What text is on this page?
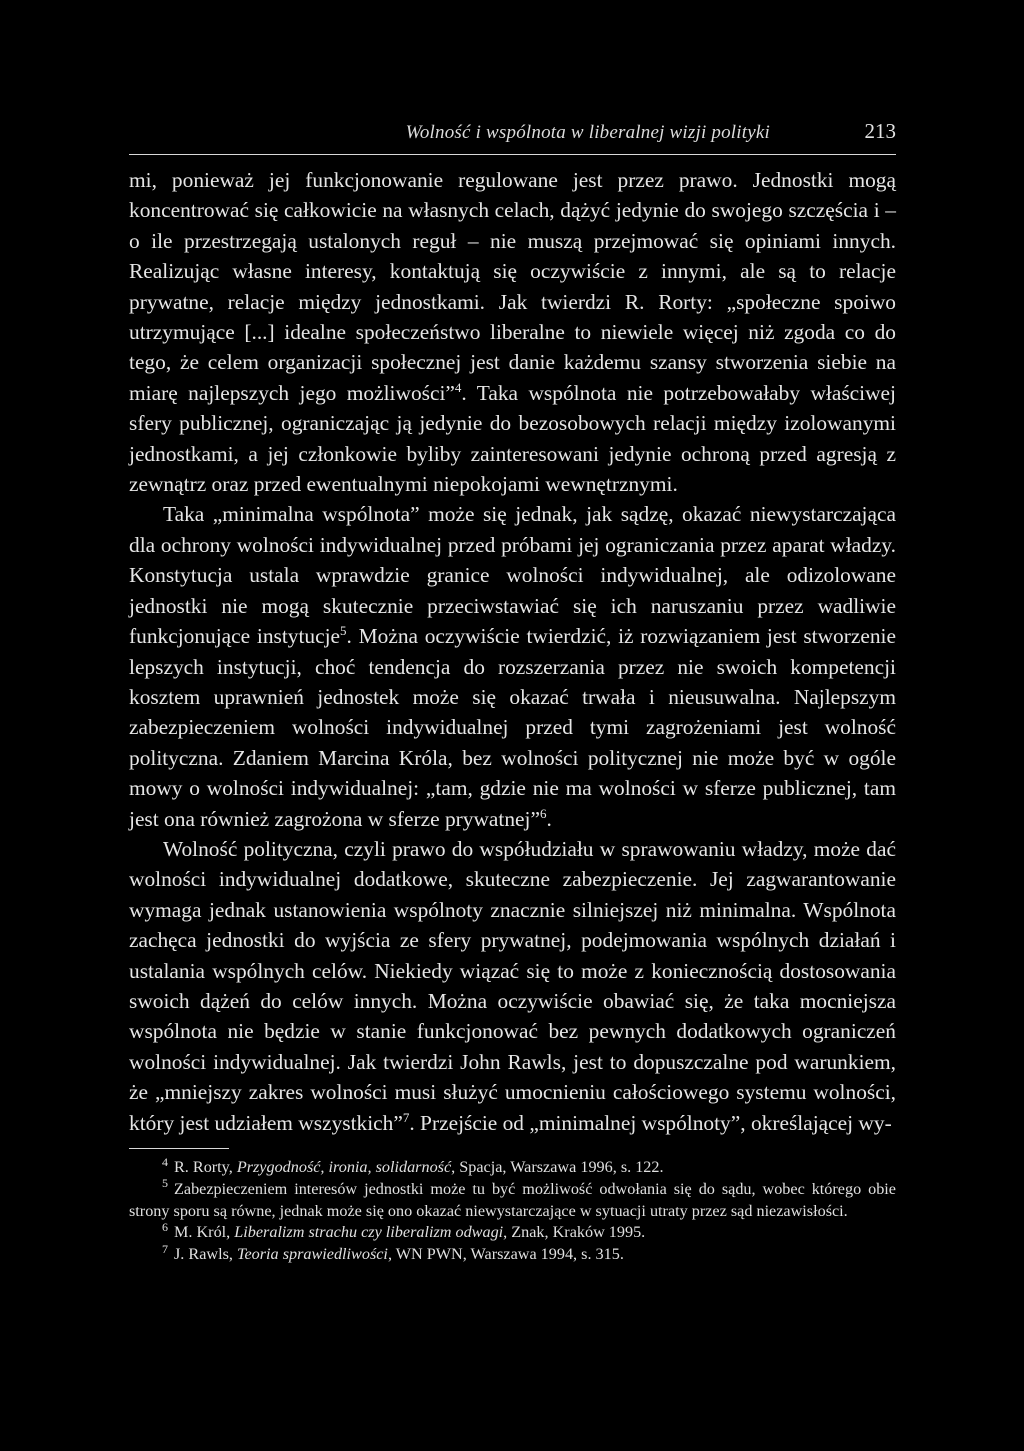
Wolność i wspólnota w liberalnej wizji polityki	213

mi, ponieważ jej funkcjonowanie regulowane jest przez prawo. Jednostki mogą koncentrować się całkowicie na własnych celach, dążyć jedynie do swojego szczęścia i – o ile przestrzegają ustalonych reguł – nie muszą przejmować się opiniami innych. Realizując własne interesy, kontaktują się oczywiście z innymi, ale są to relacje prywatne, relacje między jednostkami. Jak twierdzi R. Rorty: „społeczne spoiwo utrzymujące [...] idealne społeczeństwo liberalne to niewiele więcej niż zgoda co do tego, że celem organizacji społecznej jest danie każdemu szansy stworzenia siebie na miarę najlepszych jego możliwości”$^4$. Taka wspólnota nie potrzebowałaby właściwej sfery publicznej, ograniczając ją jedynie do bezosobowych relacji między izolowanymi jednostkami, a jej członkowie byliby zainteresowani jedynie ochroną przed agresją z zewnątrz oraz przed ewentualnymi niepokojami wewnętrznymi.

Taka „minimalna wspólnota” może się jednak, jak sądzę, okazać niewystarczająca dla ochrony wolności indywidualnej przed próbami jej ograniczania przez aparat władzy. Konstytucja ustala wprawdzie granice wolności indywidualnej, ale odizolowane jednostki nie mogą skutecznie przeciwstawiać się ich naruszaniu przez wadliwie funkcjonujące instytucje$^5$. Można oczywiście twierdzić, iż rozwiązaniem jest stworzenie lepszych instytucji, choć tendencja do rozszerzania przez nie swoich kompetencji kosztem uprawnień jednostek może się okazać trwała i nieusuwalna. Najlepszym zabezpieczeniem wolności indywidualnej przed tymi zagrożeniami jest wolność polityczna. Zdaniem Marcina Króla, bez wolności politycznej nie może być w ogóle mowy o wolności indywidualnej: „tam, gdzie nie ma wolności w sferze publicznej, tam jest ona również zagrożona w sferze prywatnej”$^6$.

Wolność polityczna, czyli prawo do współudziału w sprawowaniu władzy, może dać wolności indywidualnej dodatkowe, skuteczne zabezpieczenie. Jej zagwarantowanie wymaga jednak ustanowienia wspólnoty znacznie silniejszej niż minimalna. Wspólnota zachęca jednostki do wyjścia ze sfery prywatnej, podejmowania wspólnych działań i ustalania wspólnych celów. Niekiedy wiązać się to może z koniecznością dostosowania swoich dążeń do celów innych. Można oczywiście obawiać się, że taka mocniejsza wspólnota nie będzie w stanie funkcjonować bez pewnych dodatkowych ograniczeń wolności indywidualnej. Jak twierdzi John Rawls, jest to dopuszczalne pod warunkiem, że „mniejszy zakres wolności musi służyć umocnieniu całościowego systemu wolności, który jest udziałem wszystkich”$^7$. Przejście od „minimalnej wspólnoty”, określającej wy-

$^4$ R. Rorty, Przygodność, ironia, solidarność, Spacja, Warszawa 1996, s. 122.

$^5$ Zabezpieczeniem interesów jednostki może tu być możliwość odwołania się do sądu, wobec którego obie strony sporu są równe, jednak może się ono okazać niewystarczające w sytuacji utraty przez sąd niezawisłości.

$^6$ M. Król, Liberalizm strachu czy liberalizm odwagi, Znak, Kraków 1995.

$^7$ J. Rawls, Teoria sprawiedliwości, WN PWN, Warszawa 1994, s. 315.
